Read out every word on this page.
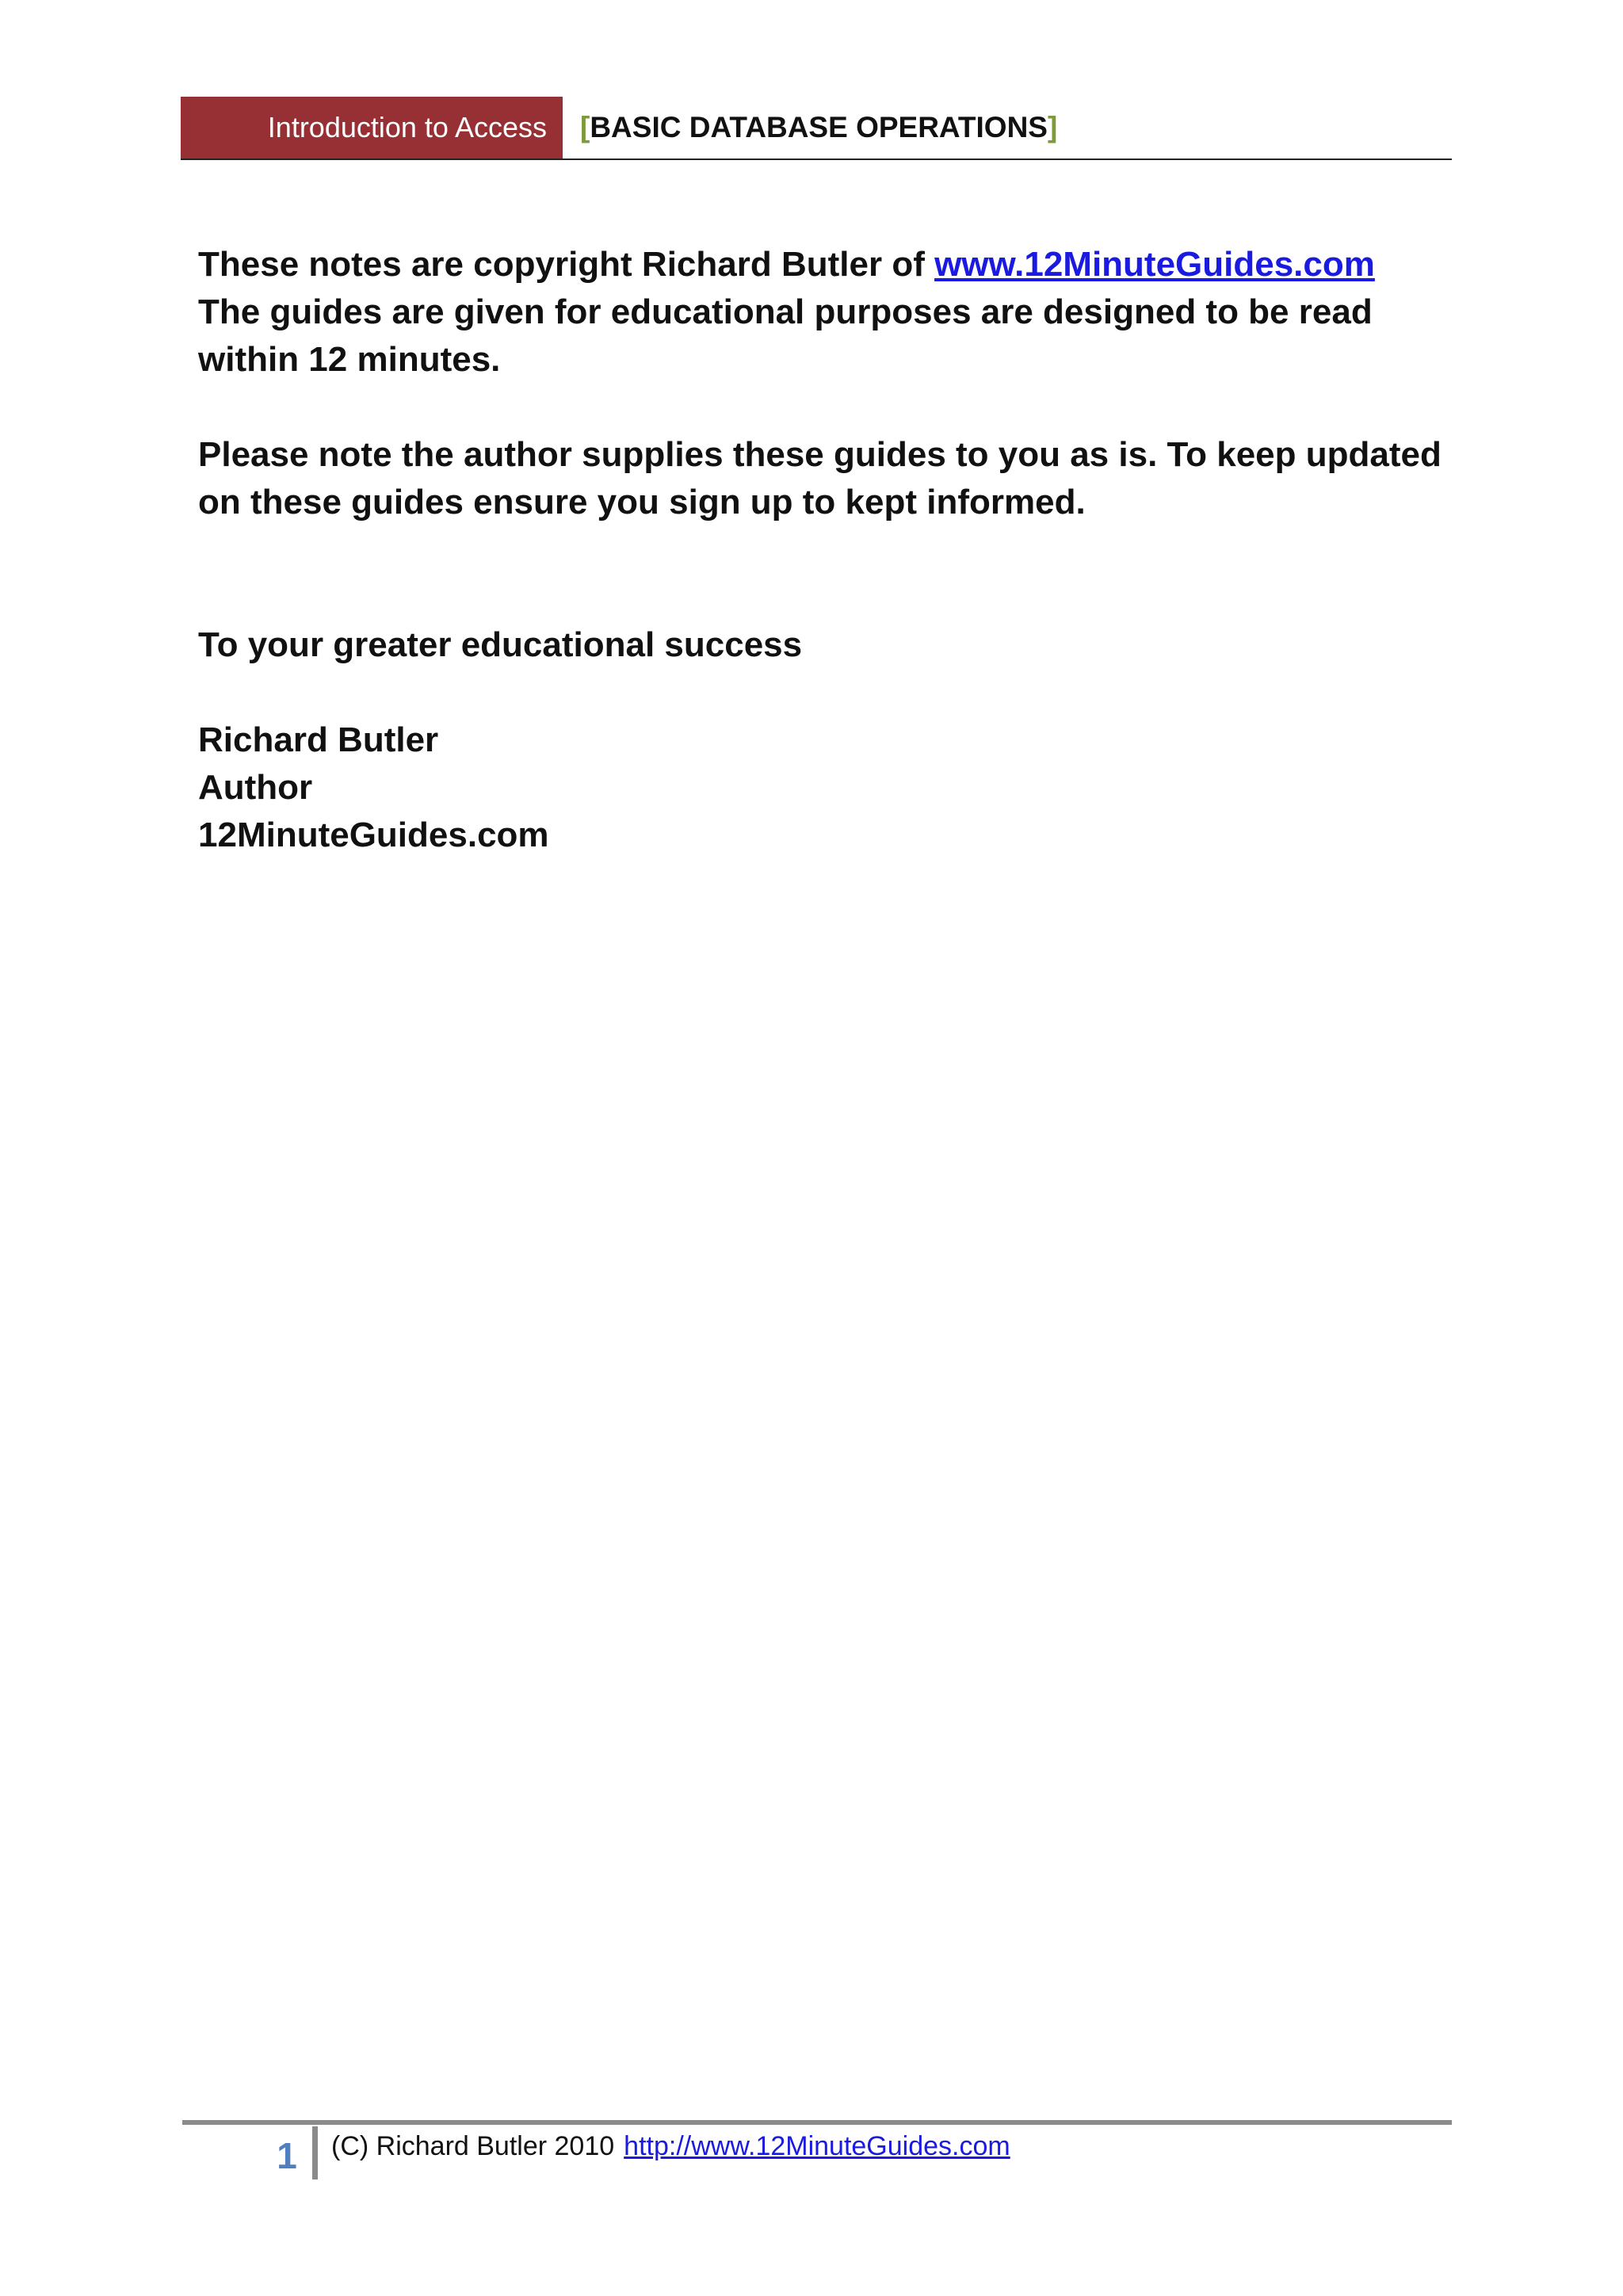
Introduction to Access	[BASIC DATABASE OPERATIONS]

These notes are copyright Richard Butler of www.12MinuteGuides.com

The guides are given for educational purposes are designed to be read within 12 minutes.

Please note the author supplies these guides to you as is. To keep updated on these guides ensure you sign up to kept informed.

To your greater educational success

Richard Butler

Author

12MinuteGuides.com

1 (C) Richard Butler 2010 http://www.12MinuteGuides.com
